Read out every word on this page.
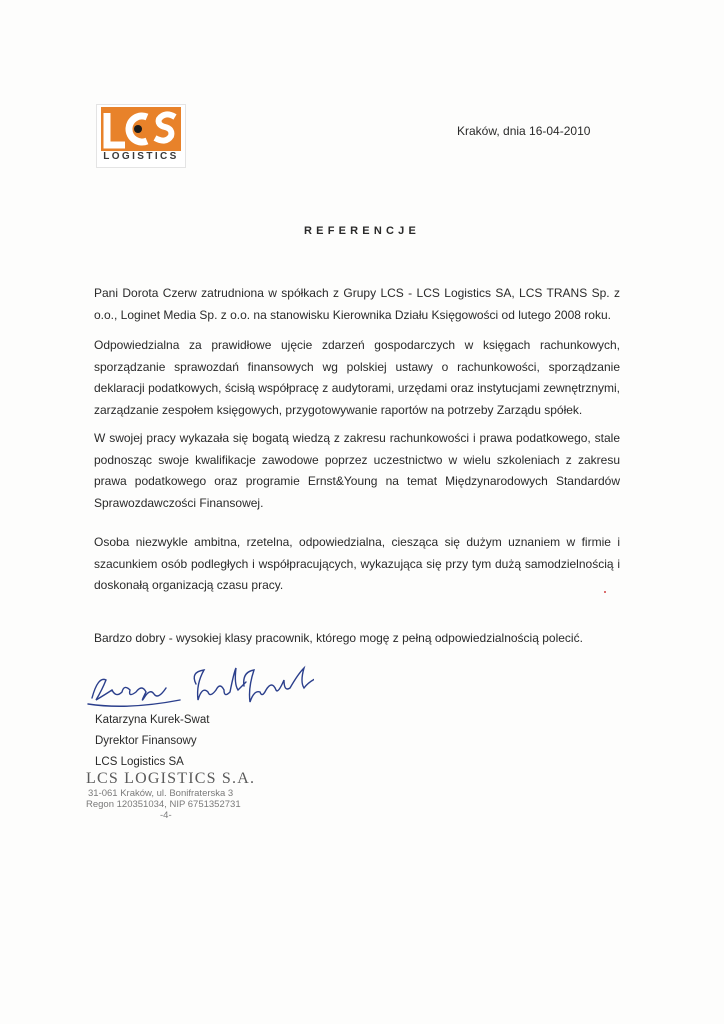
LOGISTICS
Kraków, dnia 16-04-2010
REFERENCJE

Pani Dorota Czerw zatrudniona w spółkach z Grupy LCS - LCS Logistics SA, LCS TRANS Sp. z o.o., Loginet Media Sp. z o.o. na stanowisku Kierownika Działu Księgowości od lutego 2008 roku.

Odpowiedzialna za prawidłowe ujęcie zdarzeń gospodarczych w księgach rachunkowych, sporządzanie sprawozdań finansowych wg polskiej ustawy o rachunkowości, sporządzanie deklaracji podatkowych, ścisłą współpracę z audytorami, urzędami oraz instytucjami zewnętrznymi, zarządzanie zespołem księgowych, przygotowywanie raportów na potrzeby Zarządu spółek.

W swojej pracy wykazała się bogatą wiedzą z zakresu rachunkowości i prawa podatkowego, stale podnosząc swoje kwalifikacje zawodowe poprzez uczestnictwo w wielu szkoleniach z zakresu prawa podatkowego oraz programie Ernst&Young na temat Międzynarodowych Standardów Sprawozdawczości Finansowej.

Osoba niezwykle ambitna, rzetelna, odpowiedzialna, ciesząca się dużym uznaniem w firmie i szacunkiem osób podległych i współpracujących, wykazująca się przy tym dużą samodzielnością i doskonałą organizacją czasu pracy.

Bardzo dobry - wysokiej klasy pracownik, którego mogę z pełną odpowiedzialnością polecić.

Katarzyna Kurek-Swat
Dyrektor Finansowy
LCS Logistics SA
LCS LOGISTICS S.A.
31-061 Kraków, ul. Bonifraterska 3
Regon 120351034, NIP 6751352731
-4-
